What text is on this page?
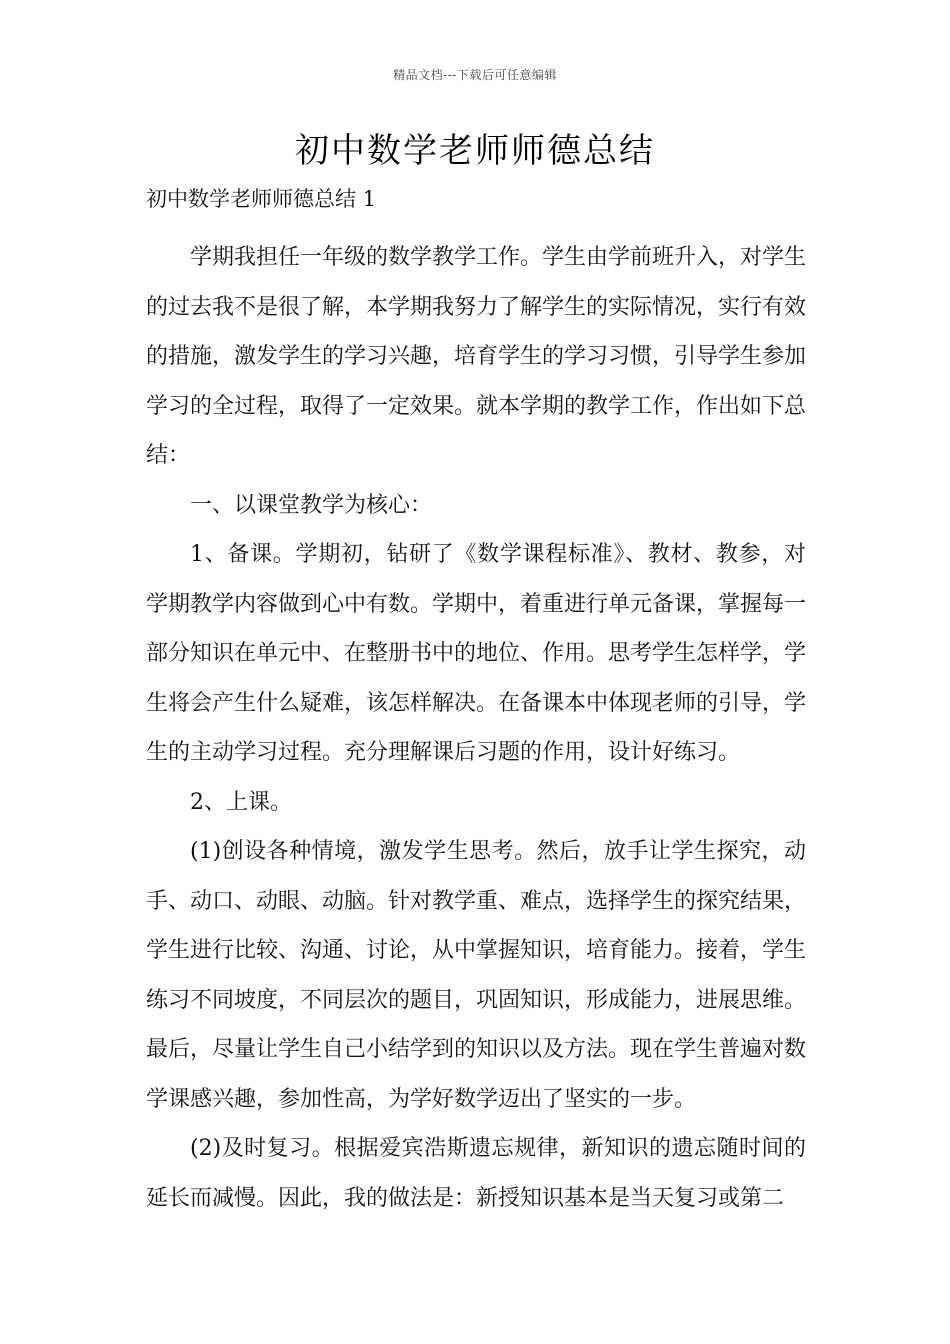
精品文档---下载后可任意编辑
初中数学老师师德总结
初中数学老师师德总结 1

学期我担任一年级的数学教学工作。学生由学前班升入，对学生的过去我不是很了解，本学期我努力了解学生的实际情况，实行有效的措施，激发学生的学习兴趣，培育学生的学习习惯，引导学生参加学习的全过程，取得了一定效果。就本学期的教学工作，作出如下总结：

一、以课堂教学为核心：

1、备课。学期初，钻研了《数学课程标准》、教材、教参，对学期教学内容做到心中有数。学期中，着重进行单元备课，掌握每一部分知识在单元中、在整册书中的地位、作用。思考学生怎样学，学生将会产生什么疑难，该怎样解决。在备课本中体现老师的引导，学生的主动学习过程。充分理解课后习题的作用，设计好练习。

2、上课。

(1)创设各种情境，激发学生思考。然后，放手让学生探究，动手、动口、动眼、动脑。针对教学重、难点，选择学生的探究结果，学生进行比较、沟通、讨论，从中掌握知识，培育能力。接着，学生练习不同坡度，不同层次的题目，巩固知识，形成能力，进展思维。最后，尽量让学生自己小结学到的知识以及方法。现在学生普遍对数学课感兴趣，参加性高，为学好数学迈出了坚实的一步。

(2)及时复习。根据爱宾浩斯遗忘规律，新知识的遗忘随时间的延长而减慢。因此，我的做法是：新授知识基本是当天复习或第二
